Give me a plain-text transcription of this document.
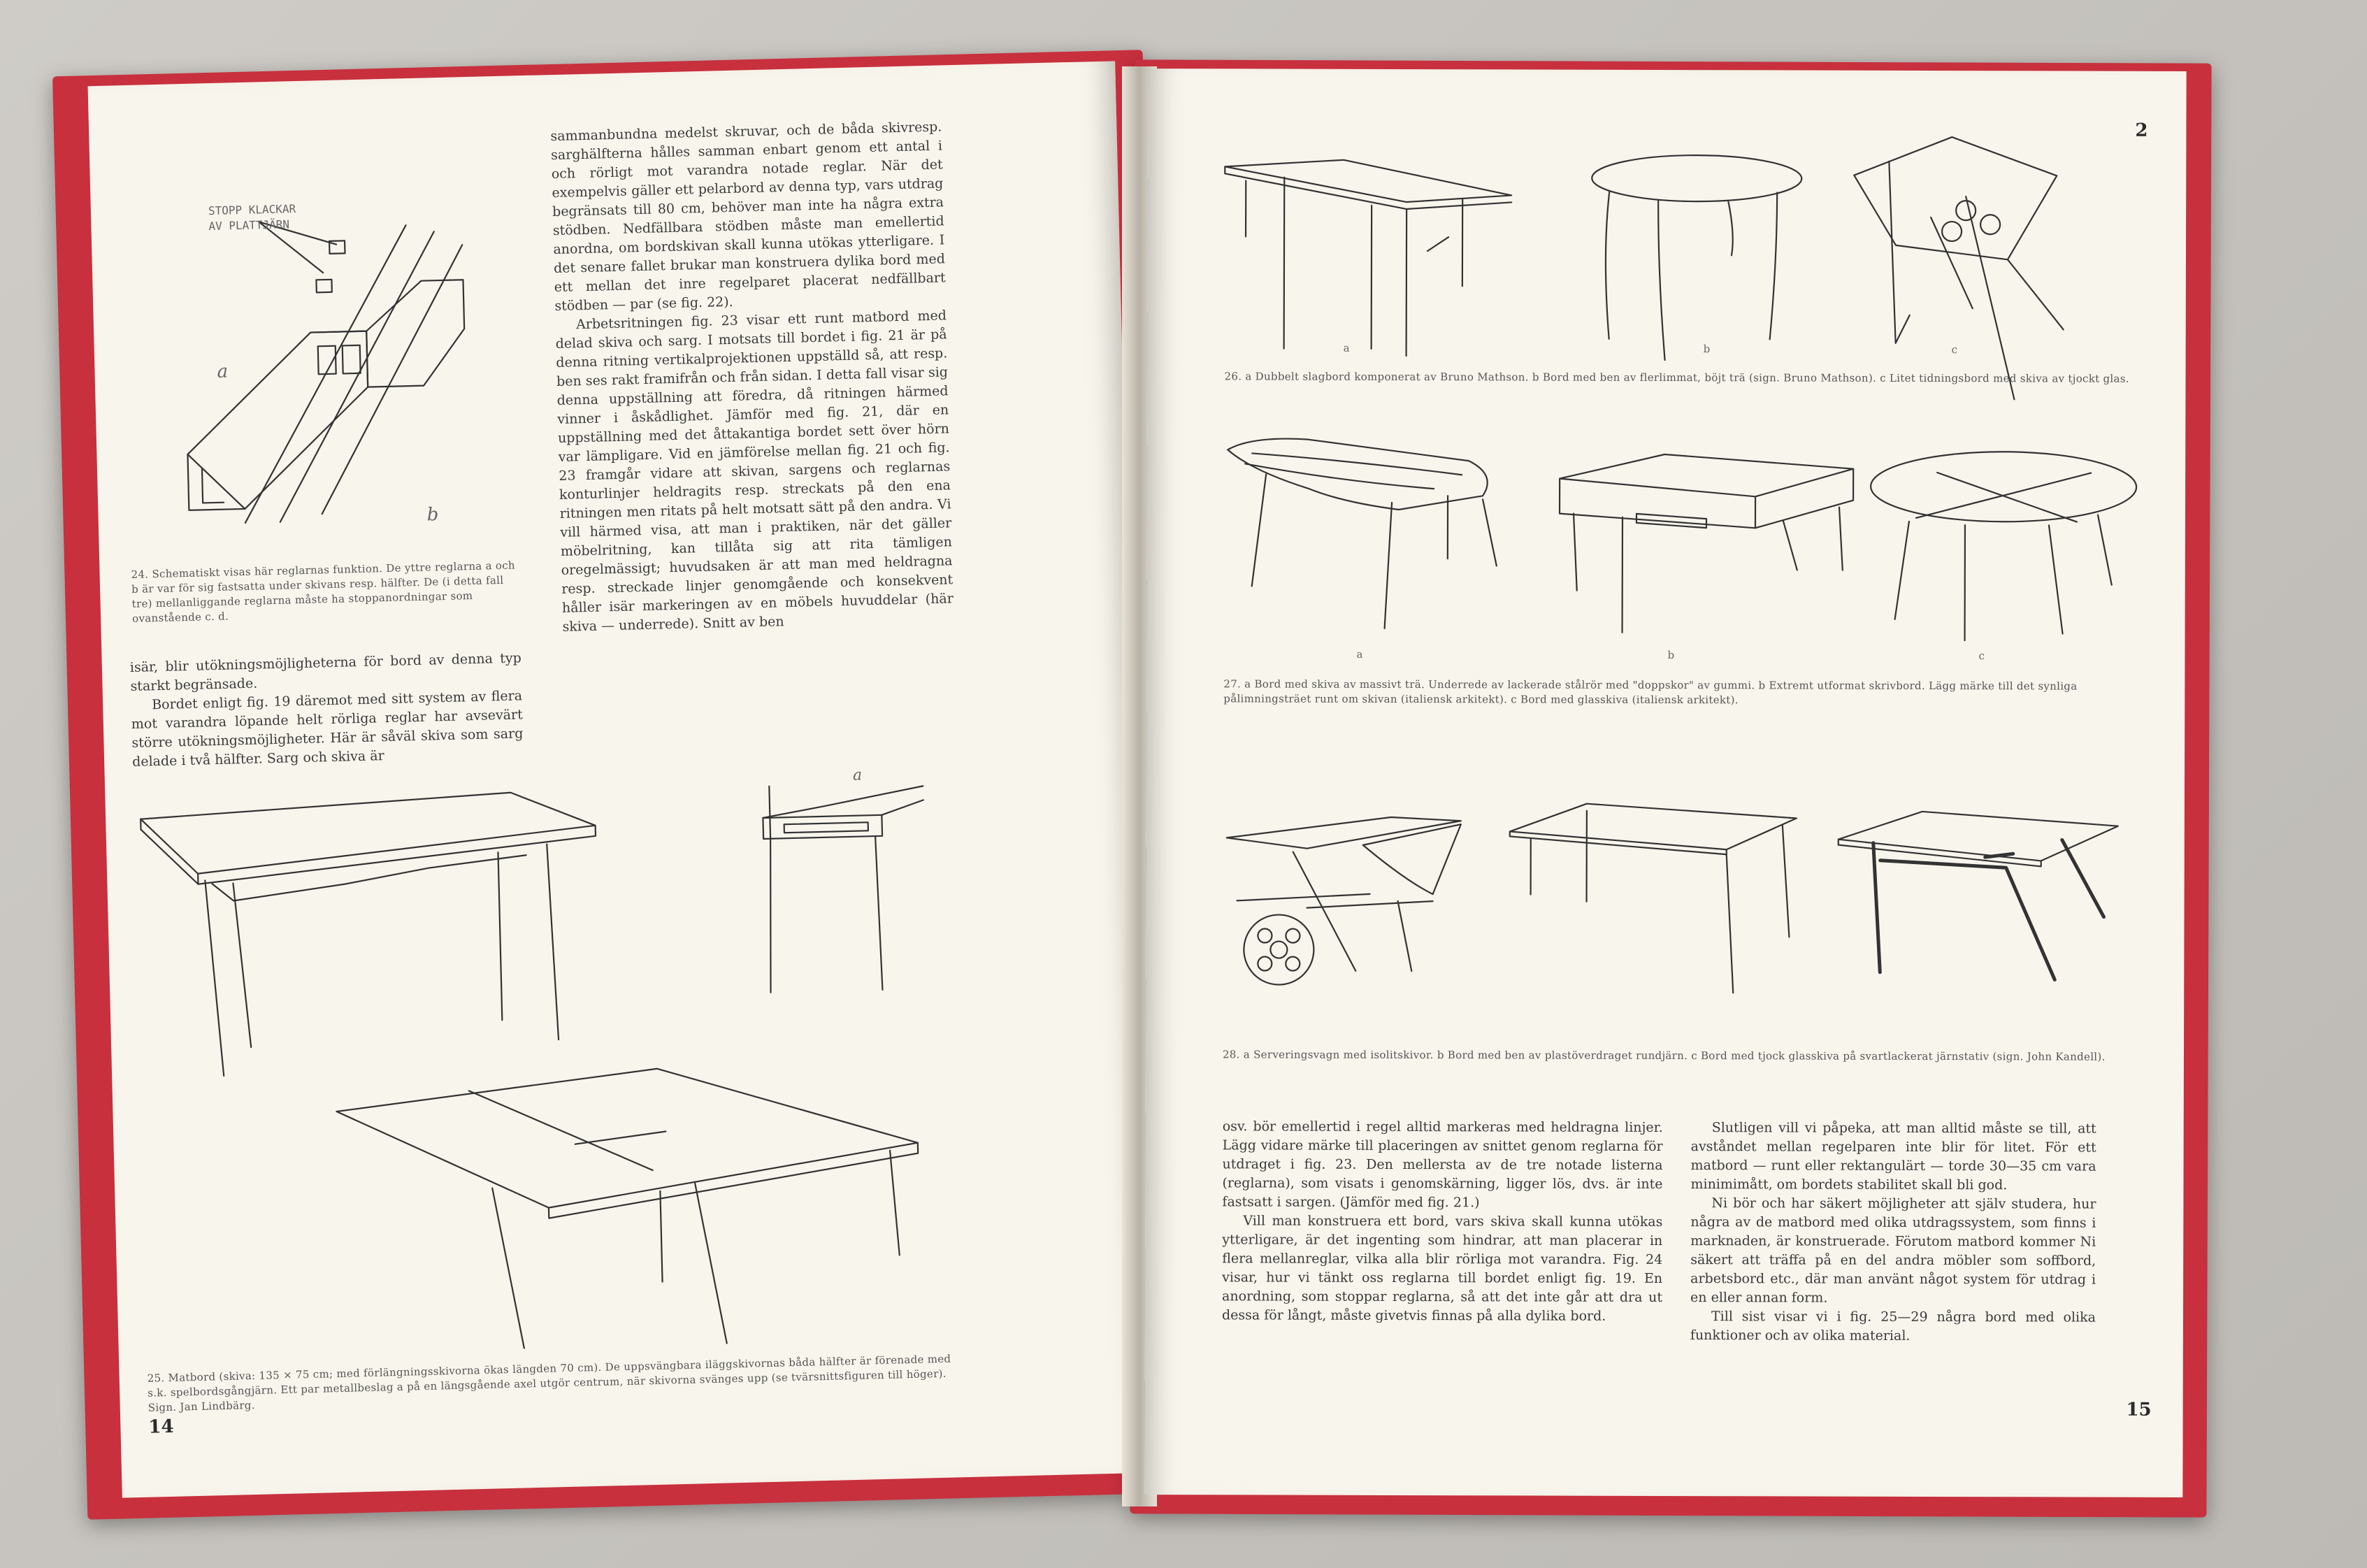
STOPP KLACKAR
AV PLATTJÄRN
a
b
24. Schematiskt visas här reglarnas funktion. De yttre reglarna a och b är var för sig fastsatta under skivans resp. hälfter. De (i detta fall tre) mellanliggande reglarna måste ha stoppanordningar som ovanstående c. d.

isär, blir utökningsmöjligheterna för bord av denna typ starkt begränsade.

Bordet enligt fig. 19 däremot med sitt system av flera mot varandra löpande helt rörliga reglar har avsevärt större utökningsmöjligheter. Här är såväl skiva som sarg delade i två hälfter. Sarg och skiva är

sammanbundna medelst skruvar, och de båda skivresp. sarghälfterna hålles samman enbart genom ett antal i och rörligt mot varandra notade reglar. När det exempelvis gäller ett pelarbord av denna typ, vars utdrag begränsats till 80 cm, behöver man inte ha några extra stödben. Nedfällbara stödben måste man emellertid anordna, om bordskivan skall kunna utökas ytterligare. I det senare fallet brukar man konstruera dylika bord med ett mellan det inre regelparet placerat nedfällbart stödben — par (se fig. 22).

Arbetsritningen fig. 23 visar ett runt matbord med delad skiva och sarg. I motsats till bordet i fig. 21 är på denna ritning vertikalprojektionen uppställd så, att resp. ben ses rakt framifrån och från sidan. I detta fall visar sig denna uppställning att föredra, då ritningen härmed vinner i åskådlighet. Jämför med fig. 21, där en uppställning med det åttakantiga bordet sett över hörn var lämpligare. Vid en jämförelse mellan fig. 21 och fig. 23 framgår vidare att skivan, sargens och reglarnas konturlinjer heldragits resp. streckats på den ena ritningen men ritats på helt motsatt sätt på den andra. Vi vill härmed visa, att man i praktiken, när det gäller möbelritning, kan tillåta sig att rita tämligen oregelmässigt; huvudsaken är att man med heldragna resp. streckade linjer genomgående och konsekvent håller isär markeringen av en möbels huvuddelar (här skiva — underrede). Snitt av ben

a
25. Matbord (skiva: 135 × 75 cm; med förlängningsskivorna ökas längden 70 cm). De uppsvängbara iläggskivornas båda hälfter är förenade med s.k. spelbordsgångjärn. Ett par metallbeslag a på en längsgående axel utgör centrum, när skivorna svänges upp (se tvärsnittsfiguren till höger). Sign. Jan Lindbärg.
14
2
a	b	c
26. a Dubbelt slagbord komponerat av Bruno Mathson. b Bord med ben av flerlimmat, böjt trä (sign. Bruno Mathson). c Litet tidningsbord med skiva av tjockt glas.
a	b	c
27. a Bord med skiva av massivt trä. Underrede av lackerade stålrör med "doppskor" av gummi. b Extremt utformat skrivbord. Lägg märke till det synliga pålimningsträet runt om skivan (italiensk arkitekt). c Bord med glasskiva (italiensk arkitekt).
28. a Serveringsvagn med isolitskivor. b Bord med ben av plastöverdraget rundjärn. c Bord med tjock glasskiva på svartlackerat järnstativ (sign. John Kandell).

osv. bör emellertid i regel alltid markeras med heldragna linjer. Lägg vidare märke till placeringen av snittet genom reglarna för utdraget i fig. 23. Den mellersta av de tre notade listerna (reglarna), som visats i genomskärning, ligger lös, dvs. är inte fastsatt i sargen. (Jämför med fig. 21.)

Vill man konstruera ett bord, vars skiva skall kunna utökas ytterligare, är det ingenting som hindrar, att man placerar in flera mellanreglar, vilka alla blir rörliga mot varandra. Fig. 24 visar, hur vi tänkt oss reglarna till bordet enligt fig. 19. En anordning, som stoppar reglarna, så att det inte går att dra ut dessa för långt, måste givetvis finnas på alla dylika bord.

Slutligen vill vi påpeka, att man alltid måste se till, att avståndet mellan regelparen inte blir för litet. För ett matbord — runt eller rektangulärt — torde 30—35 cm vara minimimått, om bordets stabilitet skall bli god.

Ni bör och har säkert möjligheter att själv studera, hur några av de matbord med olika utdragssystem, som finns i marknaden, är konstruerade. Förutom matbord kommer Ni säkert att träffa på en del andra möbler som soffbord, arbetsbord etc., där man använt något system för utdrag i en eller annan form.

Till sist visar vi i fig. 25—29 några bord med olika funktioner och av olika material.

15
